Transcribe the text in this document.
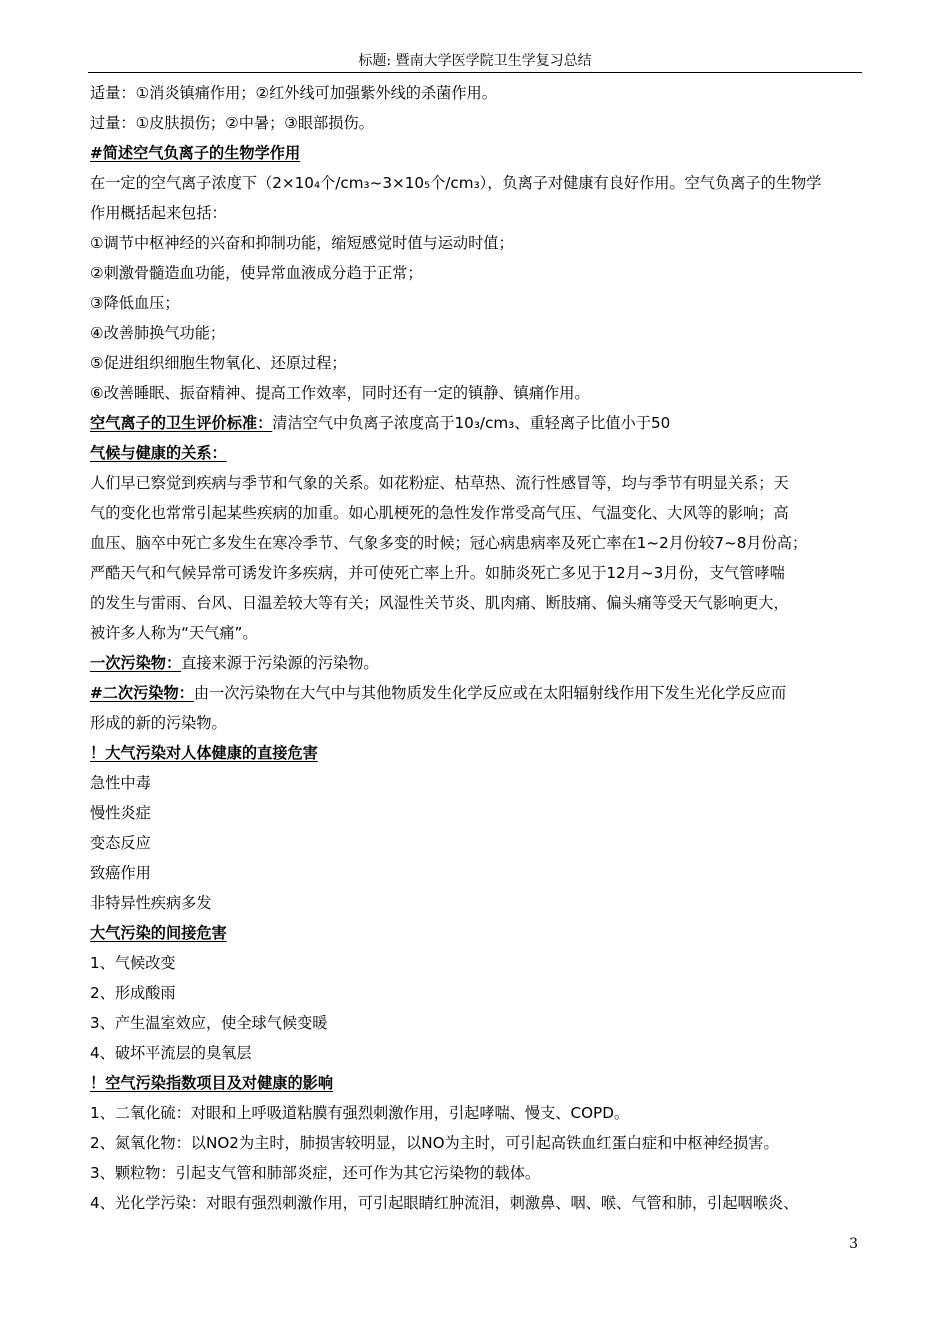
标题: 暨南大学医学院卫生学复习总结
适量：①消炎镇痛作用；②红外线可加强紫外线的杀菌作用。
过量：①皮肤损伤；②中暑；③眼部损伤。
#简述空气负离子的生物学作用
在一定的空气离子浓度下（2×10₄个/cm₃~3×10₅个/cm₃），负离子对健康有良好作用。空气负离子的生物学
作用概括起来包括：
①调节中枢神经的兴奋和抑制功能，缩短感觉时值与运动时值；
②刺激骨髓造血功能，使异常血液成分趋于正常；
③降低血压；
④改善肺换气功能；
⑤促进组织细胞生物氧化、还原过程；
⑥改善睡眠、振奋精神、提高工作效率，同时还有一定的镇静、镇痛作用。
空气离子的卫生评价标准：清洁空气中负离子浓度高于10₃/cm₃、重轻离子比值小于50
气候与健康的关系：
人们早已察觉到疾病与季节和气象的关系。如花粉症、枯草热、流行性感冒等，均与季节有明显关系；天
气的变化也常常引起某些疾病的加重。如心肌梗死的急性发作常受高气压、气温变化、大风等的影响；高
血压、脑卒中死亡多发生在寒冷季节、气象多变的时候；冠心病患病率及死亡率在1~2月份较7~8月份高；
严酷天气和气候异常可诱发许多疾病，并可使死亡率上升。如肺炎死亡多见于12月~3月份，支气管哮喘
的发生与雷雨、台风、日温差较大等有关；风湿性关节炎、肌肉痛、断肢痛、偏头痛等受天气影响更大，
被许多人称为“天气痛”。
一次污染物：直接来源于污染源的污染物。
#二次污染物：由一次污染物在大气中与其他物质发生化学反应或在太阳辐射线作用下发生光化学反应而
形成的新的污染物。
！大气污染对人体健康的直接危害
急性中毒
慢性炎症
变态反应
致癌作用
非特异性疾病多发
大气污染的间接危害
1、气候改变
2、形成酸雨
3、产生温室效应，使全球气候变暖
4、破坏平流层的臭氧层
！空气污染指数项目及对健康的影响
1、二氧化硫：对眼和上呼吸道粘膜有强烈刺激作用，引起哮喘、慢支、COPD。
2、氮氧化物：以NO2为主时，肺损害较明显，以NO为主时，可引起高铁血红蛋白症和中枢神经损害。
3、颗粒物：引起支气管和肺部炎症，还可作为其它污染物的载体。
4、光化学污染：对眼有强烈刺激作用，可引起眼睛红肿流泪，刺激鼻、咽、喉、气管和肺，引起咽喉炎、
3
